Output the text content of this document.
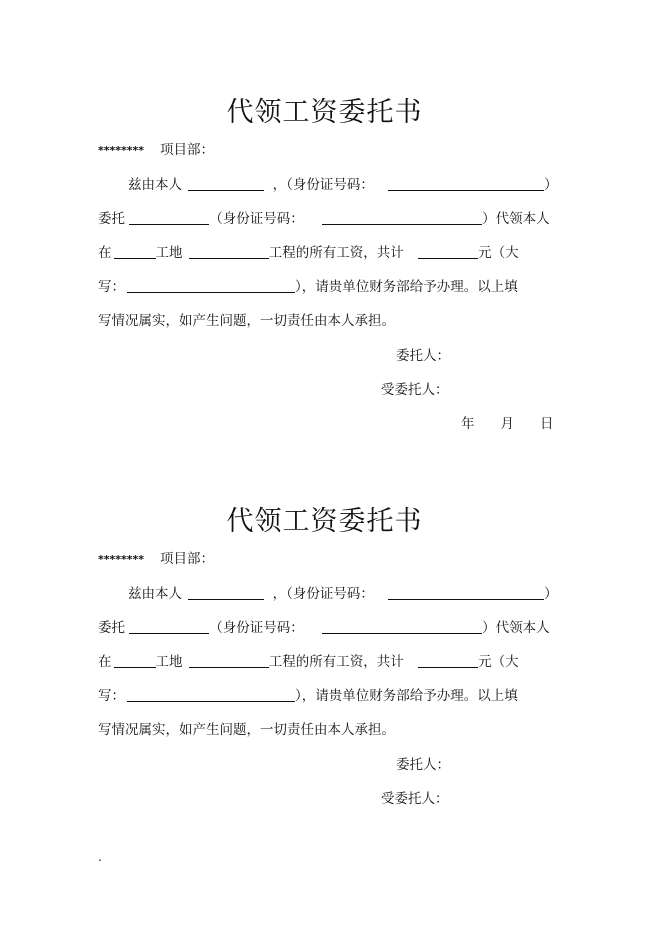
代领工资委托书
******** 项目部：
兹由本人	，（身份证号码：	）
委托	（身份证号码：	）代领本人
在	工地	工程的所有工资，共计	元（大
写：	），请贵单位财务部给予办理。以上填
写情况属实，如产生问题，一切责任由本人承担。
委托人：
受委托人：
年 月 日
代领工资委托书
******** 项目部：
兹由本人	，（身份证号码：	）
委托	（身份证号码：	）代领本人
在	工地	工程的所有工资，共计	元（大
写：	），请贵单位财务部给予办理。以上填
写情况属实，如产生问题，一切责任由本人承担。
委托人：
受委托人：
.
